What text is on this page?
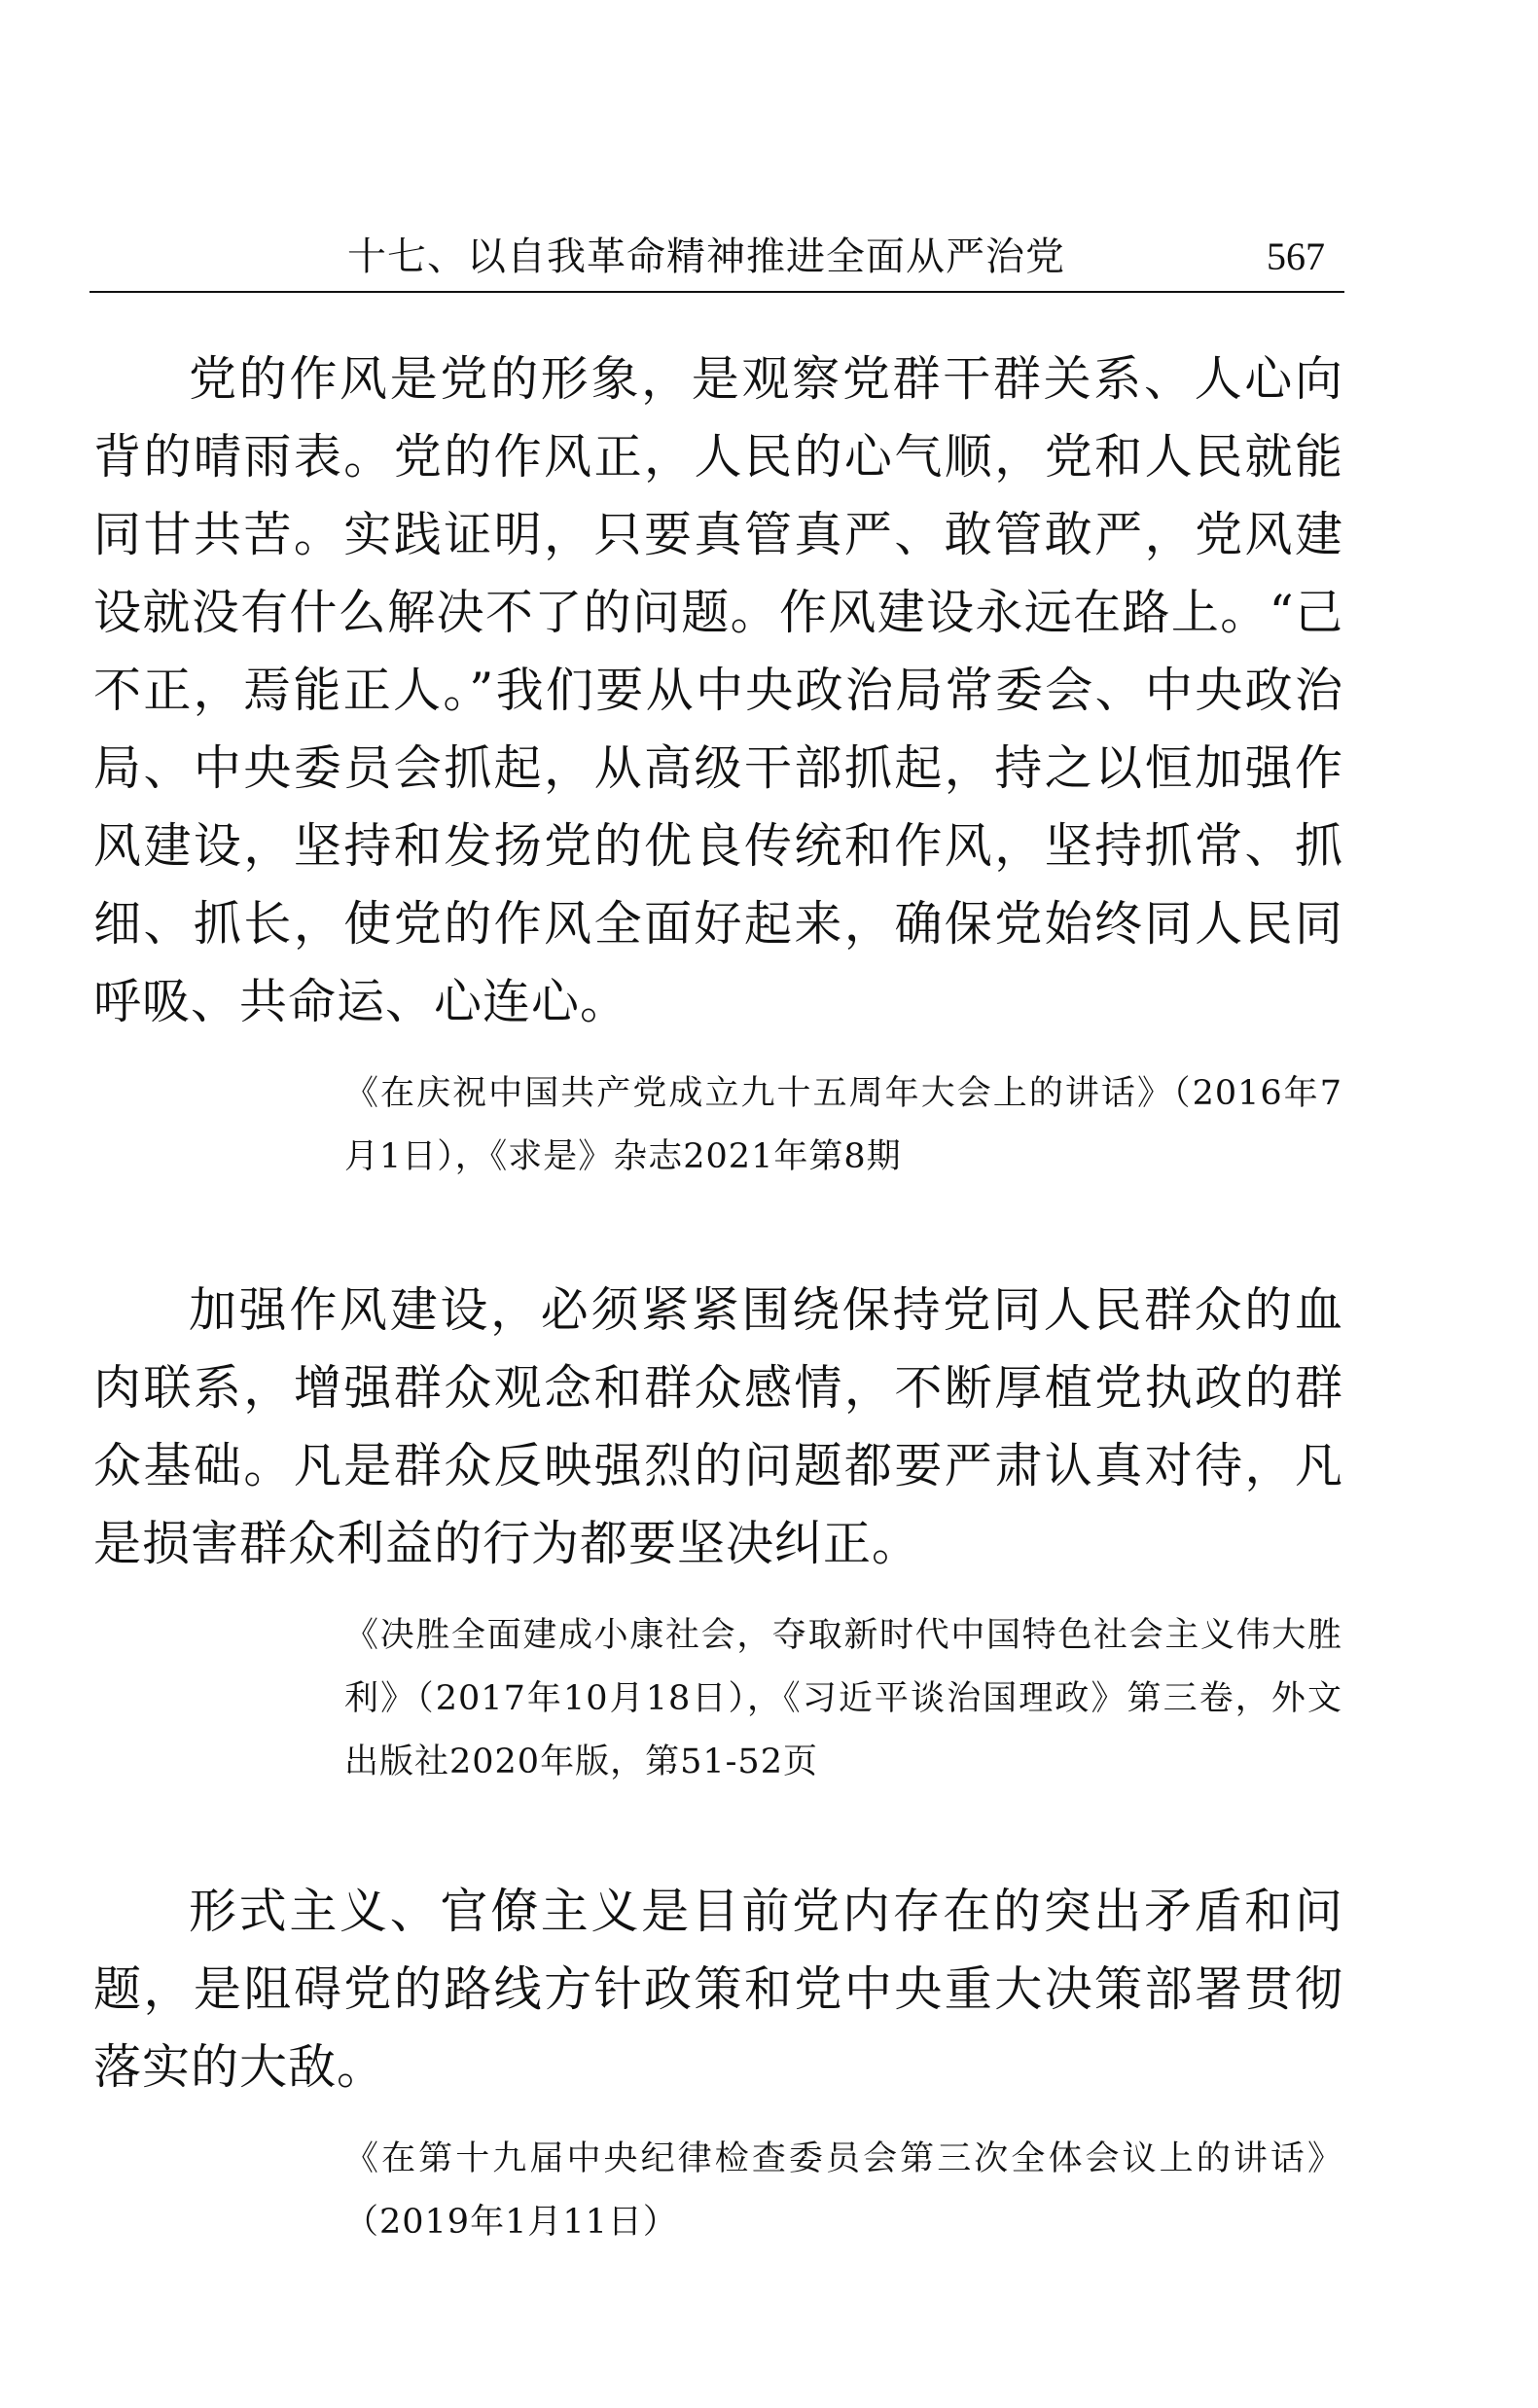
十七、以自我革命精神推进全面从严治党	567

党的作风是党的形象，是观察党群干群关系、人心向背的晴雨表。党的作风正，人民的心气顺，党和人民就能同甘共苦。实践证明，只要真管真严、敢管敢严，党风建设就没有什么解决不了的问题。作风建设永远在路上。“己不正，焉能正人。”我们要从中央政治局常委会、中央政治局、中央委员会抓起，从高级干部抓起，持之以恒加强作风建设，坚持和发扬党的优良传统和作风，坚持抓常、抓细、抓长，使党的作风全面好起来，确保党始终同人民同呼吸、共命运、心连心。

《在庆祝中国共产党成立九十五周年大会上的讲话》（2016年7月1日），《求是》杂志2021年第8期

加强作风建设，必须紧紧围绕保持党同人民群众的血肉联系，增强群众观念和群众感情，不断厚植党执政的群众基础。凡是群众反映强烈的问题都要严肃认真对待，凡是损害群众利益的行为都要坚决纠正。

《决胜全面建成小康社会，夺取新时代中国特色社会主义伟大胜利》（2017年10月18日），《习近平谈治国理政》第三卷，外文出版社2020年版，第51-52页

形式主义、官僚主义是目前党内存在的突出矛盾和问题，是阻碍党的路线方针政策和党中央重大决策部署贯彻落实的大敌。

《在第十九届中央纪律检查委员会第三次全体会议上的讲话》（2019年1月11日）
